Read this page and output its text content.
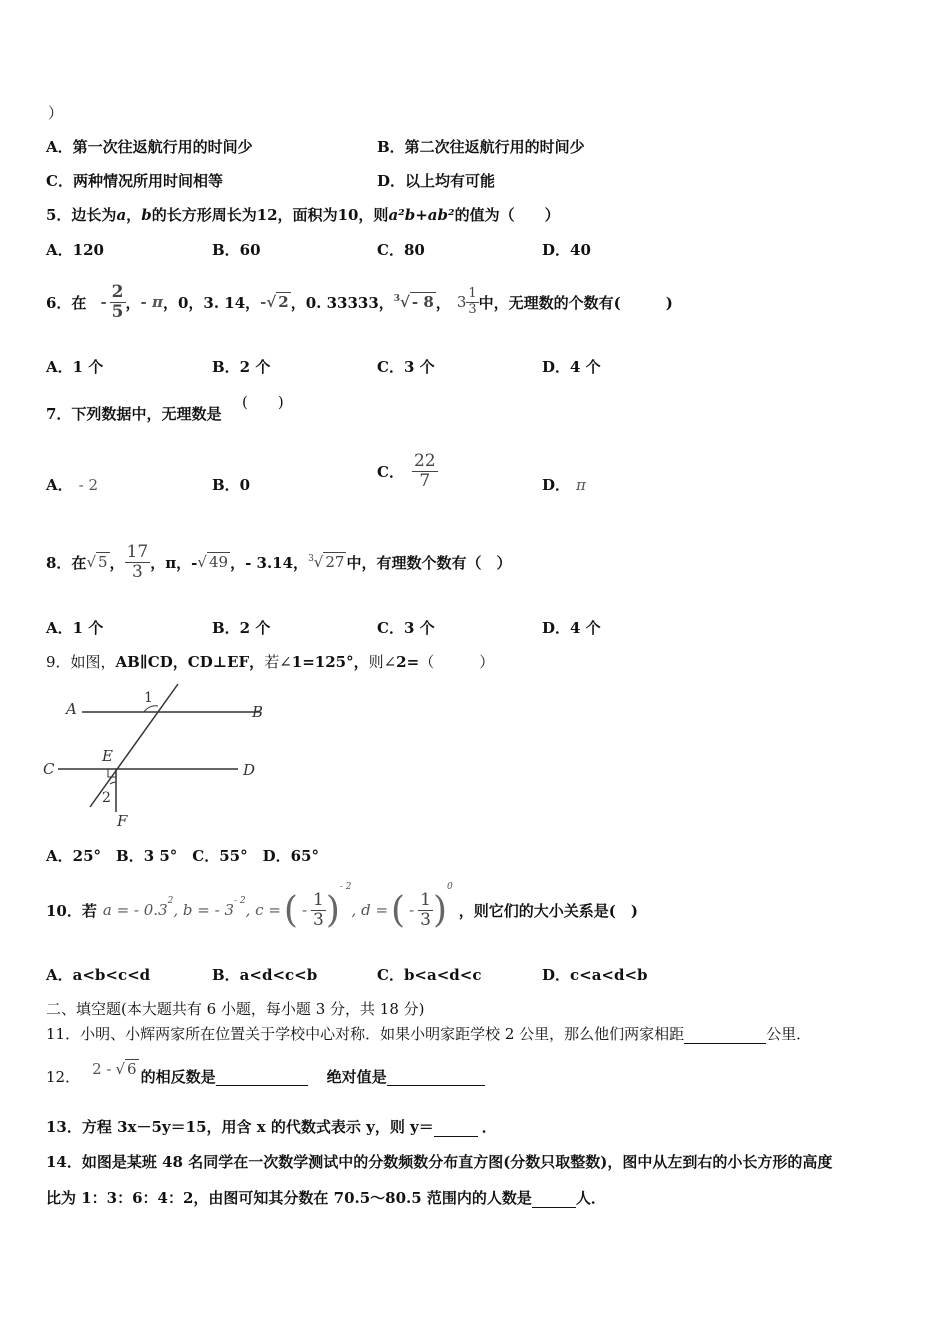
）
A．第一次往返航行用的时间少	B．第二次往返航行用的时间少
C．两种情况所用时间相等	D．以上均有可能
5．边长为a，b的长方形周长为12，面积为10，则a²b+ab²的值为（　　）
A．120	B．60	C．80	D．40
6．在 - $\frac{2}{5}$ ， - π ，0，3. 14， - √ 2 ，0. 33333， $^3$√ - 8 ， $3 \frac{1}{3}$ 中，无理数的个数有(　　　)
A．1 个	B．2 个	C．3 个	D．4 个
7．下列数据中，无理数是
(　　)
A． - 2	B．0
C． $\frac{22}{7}$	D． π
8．在 √ 5 ， $\frac{17}{3}$ ，π，- √ 49 ，- 3.14， $^3$√ 27 中，有理数个数有（　）
A．1 个	B．2 个	C．3 个	D．4 个
9．如图，AB∥CD，CD⊥EF，若∠1=125°，则∠2=（　　　）
A	B
C	D
E
F
1
2
A．25°　B．3 5°　C．55°　D．65°
10．若 a = - $0.3^2$ , b = - $3^{- 2}$ , c = ( - $\frac{1}{3}$ )
$^{- 2}$
, d = ( - $\frac{1}{3}$ )
$^0$
，则它们的大小关系是(　)
A．a<b<c<d	B．a<d<c<b	C．b<a<d<c	D．c<a<d<b
二、填空题(本大题共有 6 小题，每小题 3 分，共 18 分)
11．小明、小辉两家所在位置关于学校中心对称．如果小明家距学校 2 公里，那么他们两家相距	公里．
12． 2 - √ 6 的相反数是
	　绝对值是

13．方程 3x－5y＝15，用含 x 的代数式表示 y，则 y＝	．
14．如图是某班 48 名同学在一次数学测试中的分数频数分布直方图(分数只取整数)，图中从左到右的小长方形的高度
比为 1：3：6：4：2，由图可知其分数在 70.5～80.5 范围内的人数是	人．
